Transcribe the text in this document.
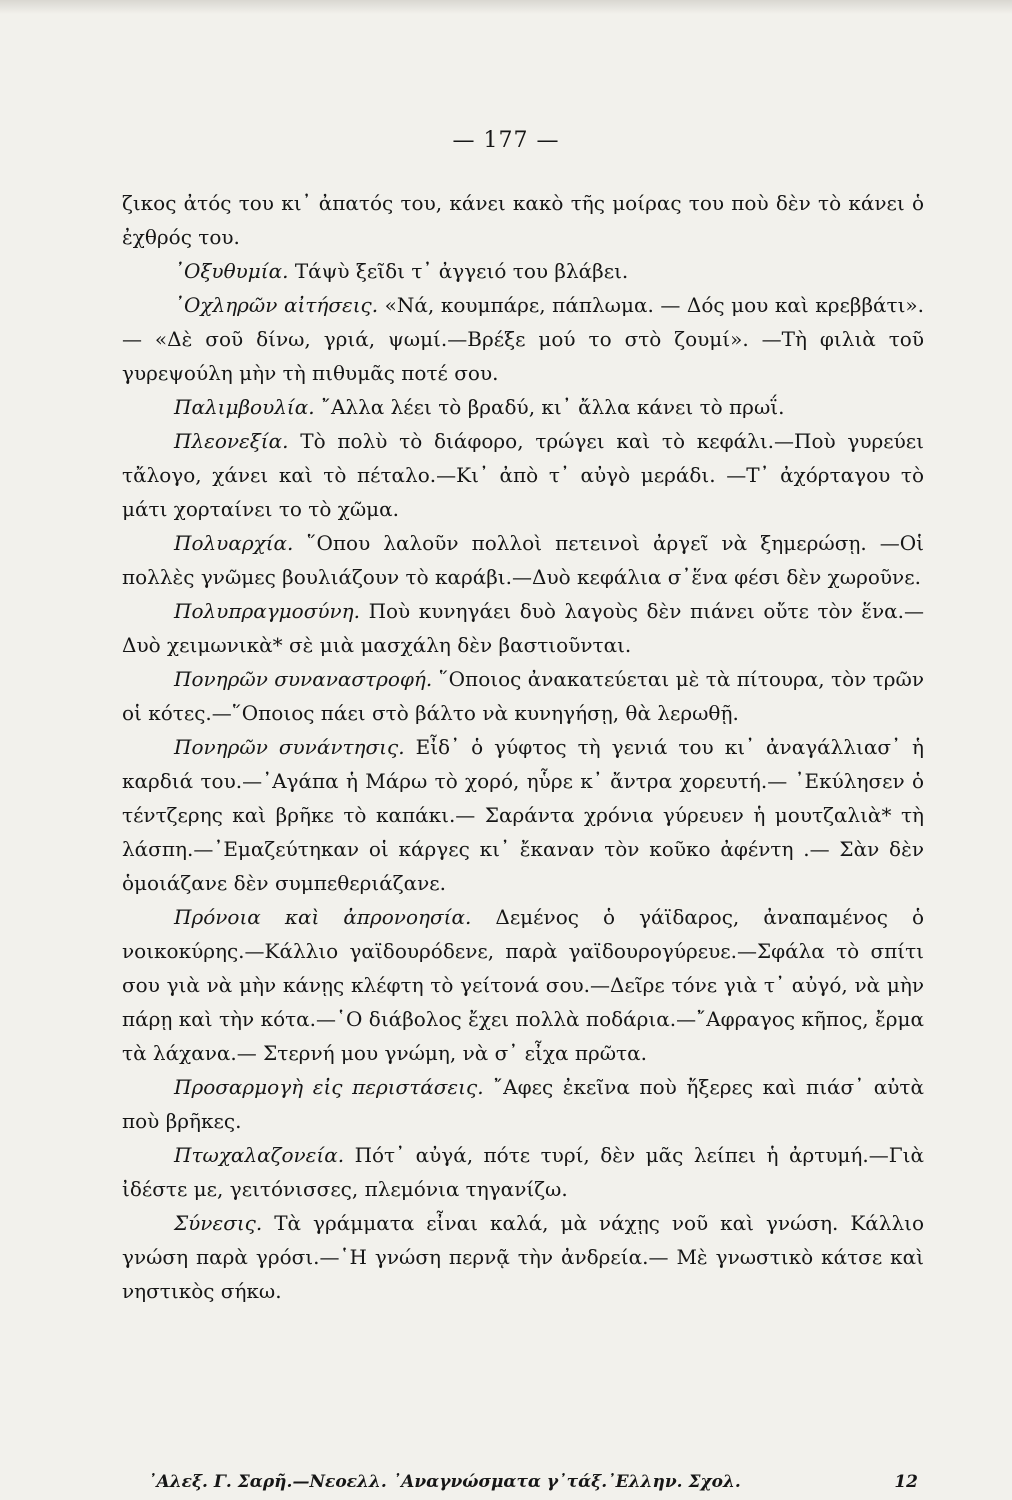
— 177 —

ζικος ἀτός του κι᾽ ἀπατός του, κάνει κακὸ τῆς μοίρας του ποὺ δὲν τὸ κάνει ὁ ἐχθρός του.

᾿Οξυθυμία. Τάψὺ ξεῖδι τ᾽ ἀγγειό του βλάβει.

᾿Οχληρῶν αἰτήσεις. «Νά, κουμπάρε, πάπλωμα. — Δός μου καὶ κρεββάτι». — «Δὲ σοῦ δίνω, γριά, ψωμί.—Βρέξε μού το στὸ ζουμί». —Τὴ φιλιὰ τοῦ γυρεψούλη μὴν τὴ πιθυμᾶς ποτέ σου.

Παλιμβουλία. ῎Αλλα λέει τὸ βραδύ, κι᾽ ἄλλα κάνει τὸ πρωΐ.

Πλεονεξία. Τὸ πολὺ τὸ διάφορο, τρώγει καὶ τὸ κεφάλι.—Ποὺ γυρεύει τἄλογο, χάνει καὶ τὸ πέταλο.—Κι᾽ ἀπὸ τ᾽ αὐγὸ μεράδι. —Τ᾽ ἀχόρταγου τὸ μάτι χορταίνει το τὸ χῶμα.

Πολυαρχία. ῞Οπου λαλοῦν πολλοὶ πετεινοὶ ἀργεῖ νὰ ξημερώσῃ. —Οἱ πολλὲς γνῶμες βουλιάζουν τὸ καράβι.—Δυὸ κεφάλια σ᾽ἕνα φέσι δὲν χωροῦνε.

Πολυπραγμοσύνη. Ποὺ κυνηγάει δυὸ λαγοὺς δὲν πιάνει οὔτε τὸν ἕνα.—Δυὸ χειμωνικὰ* σὲ μιὰ μασχάλη δὲν βαστιοῦνται.

Πονηρῶν συναναστροφή. ῞Οποιος ἀνακατεύεται μὲ τὰ πίτουρα, τὸν τρῶν οἱ κότες.—῞Οποιος πάει στὸ βάλτο νὰ κυνηγήσῃ, θὰ λερωθῇ.

Πονηρῶν συνάντησις. Εἶδ᾽ ὁ γύφτος τὴ γενιά του κι᾽ ἀναγάλλιασ᾽ ἡ καρδιά του.—᾿Αγάπα ἡ Μάρω τὸ χορό, ηὗρε κ᾽ ἄντρα χορευτή.— ᾿Εκύλησεν ὁ τέντζερης καὶ βρῆκε τὸ καπάκι.— Σαράντα χρόνια γύρευεν ἡ μουτζαλιὰ* τὴ λάσπη.—᾿Εμαζεύτηκαν οἱ κάργες κι᾽ ἔκαναν τὸν κοῦκο ἀφέντη .— Σὰν δὲν ὁμοιάζανε δὲν συμπεθεριάζανε.

Πρόνοια καὶ ἀπρονοησία. Δεμένος ὁ γάϊδαρος, ἀναπαμένος ὁ νοικοκύρης.—Κάλλιο γαϊδουρόδενε, παρὰ γαϊδουρογύρευε.—Σφάλα τὸ σπίτι σου γιὰ νὰ μὴν κάνῃς κλέφτη τὸ γείτονά σου.—Δεῖρε τόνε γιὰ τ᾽ αὐγό, νὰ μὴν πάρῃ καὶ τὴν κότα.—῾Ο διάβολος ἔχει πολλὰ ποδάρια.—῎Αφραγος κῆπος, ἔρμα τὰ λάχανα.— Στερνή μου γνώμη, νὰ σ᾽ εἶχα πρῶτα.

Προσαρμογὴ εἰς περιστάσεις. ῎Αφες ἐκεῖνα ποὺ ἤξερες καὶ πιάσ᾽ αὐτὰ ποὺ βρῆκες.

Πτωχαλαζονεία. Πότ᾽ αὐγά, πότε τυρί, δὲν μᾶς λείπει ἡ ἀρτυμή.—Γιὰ ἰδέστε με, γειτόνισσες, πλεμόνια τηγανίζω.

Σύνεσις. Τὰ γράμματα εἶναι καλά, μὰ νάχῃς νοῦ καὶ γνώση. Κάλλιο γνώση παρὰ γρόσι.—῾Η γνώση περνᾷ τὴν ἀνδρεία.— Μὲ γνωστικὸ κάτσε καὶ νηστικὸς σήκω.

᾿Αλεξ. Γ. Σαρῆ.—Νεοελλ. ᾿Αναγνώσματα γ᾽τάξ.᾿Ελλην. Σχολ.	12
